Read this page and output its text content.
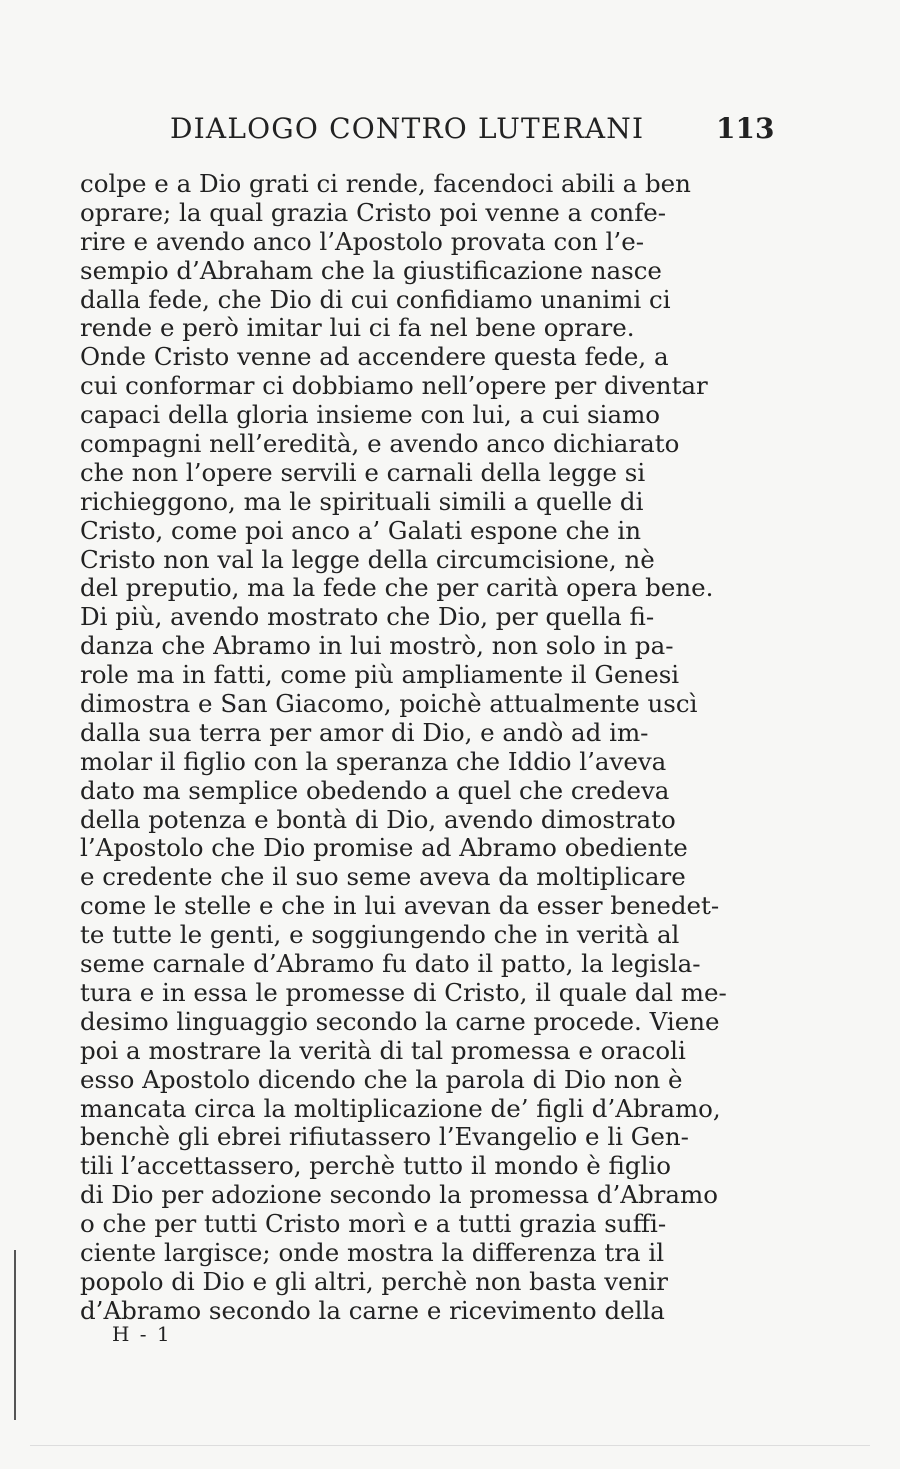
DIALOGO CONTRO LUTERANI	113
colpe e a Dio grati ci rende, facendoci abili a ben
oprare; la qual grazia Cristo poi venne a confe-
rire e avendo anco l’Apostolo provata con l’e-
sempio d’Abraham che la giustificazione nasce
dalla fede, che Dio di cui confidiamo unanimi ci
rende e però imitar lui ci fa nel bene oprare.
Onde Cristo venne ad accendere questa fede, a
cui conformar ci dobbiamo nell’opere per diventar
capaci della gloria insieme con lui, a cui siamo
compagni nell’eredità, e avendo anco dichiarato
che non l’opere servili e carnali della legge si
richieggono, ma le spirituali simili a quelle di
Cristo, come poi anco a’ Galati espone che in
Cristo non val la legge della circumcisione, nè
del preputio, ma la fede che per carità opera bene.
Di più, avendo mostrato che Dio, per quella fi-
danza che Abramo in lui mostrò, non solo in pa-
role ma in fatti, come più ampliamente il Genesi
dimostra e San Giacomo, poichè attualmente uscì
dalla sua terra per amor di Dio, e andò ad im-
molar il figlio con la speranza che Iddio l’aveva
dato ma semplice obedendo a quel che credeva
della potenza e bontà di Dio, avendo dimostrato
l’Apostolo che Dio promise ad Abramo obediente
e credente che il suo seme aveva da moltiplicare
come le stelle e che in lui avevan da esser benedet-
te tutte le genti, e soggiungendo che in verità al
seme carnale d’Abramo fu dato il patto, la legisla-
tura e in essa le promesse di Cristo, il quale dal me-
desimo linguaggio secondo la carne procede. Viene
poi a mostrare la verità di tal promessa e oracoli
esso Apostolo dicendo che la parola di Dio non è
mancata circa la moltiplicazione de’ figli d’Abramo,
benchè gli ebrei rifiutassero l’Evangelio e li Gen-
tili l’accettassero, perchè tutto il mondo è figlio
di Dio per adozione secondo la promessa d’Abramo
o che per tutti Cristo morì e a tutti grazia suffi-
ciente largisce; onde mostra la differenza tra il
popolo di Dio e gli altri, perchè non basta venir
d’Abramo secondo la carne e ricevimento della
H - 1
